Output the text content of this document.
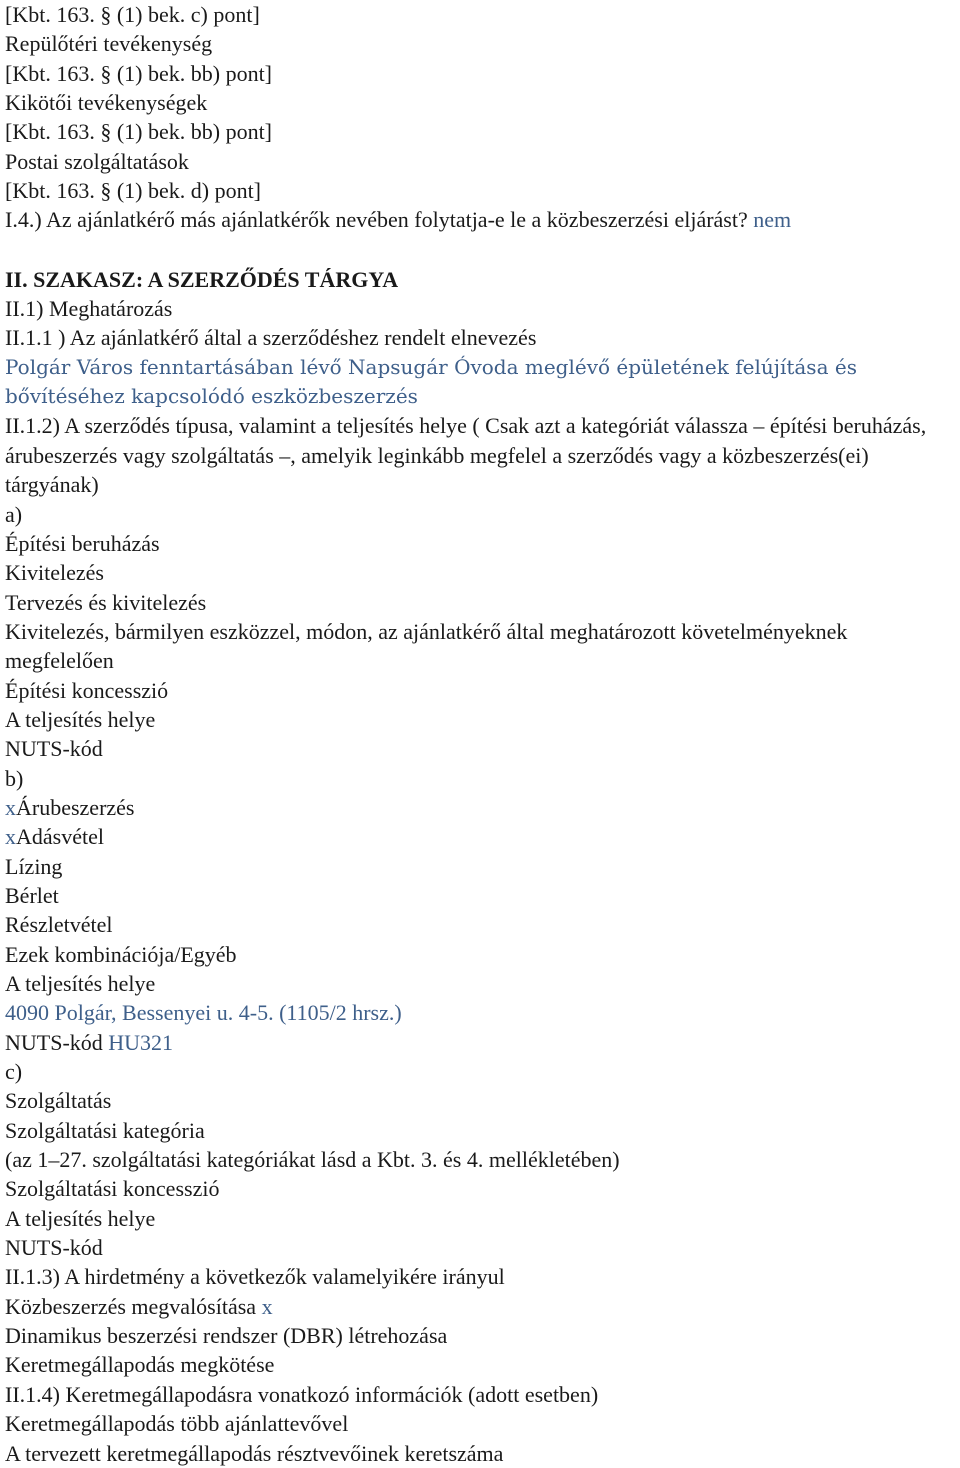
[Kbt. 163. § (1) bek. c) pont]
Repülőtéri tevékenység
[Kbt. 163. § (1) bek. bb) pont]
Kikötői tevékenységek
[Kbt. 163. § (1) bek. bb) pont]
Postai szolgáltatások
[Kbt. 163. § (1) bek. d) pont]
I.4.) Az ajánlatkérő más ajánlatkérők nevében folytatja-e le a közbeszerzési eljárást? nem
II. SZAKASZ: A SZERZŐDÉS TÁRGYA
II.1) Meghatározás
II.1.1 ) Az ajánlatkérő által a szerződéshez rendelt elnevezés
Polgár Város fenntartásában lévő Napsugár Óvoda meglévő épületének felújítása és bővítéséhez kapcsolódó eszközbeszerzés
II.1.2) A szerződés típusa, valamint a teljesítés helye ( Csak azt a kategóriát válassza – építési beruházás, árubeszerzés vagy szolgáltatás –, amelyik leginkább megfelel a szerződés vagy a közbeszerzés(ei) tárgyának)
a)
Építési beruházás
Kivitelezés
Tervezés és kivitelezés
Kivitelezés, bármilyen eszközzel, módon, az ajánlatkérő által meghatározott követelményeknek megfelelően
Építési koncesszió
A teljesítés helye
NUTS-kód
b)
xÁrubeszerzés
xAdásvétel
Lízing
Bérlet
Részletvétel
Ezek kombinációja/Egyéb
A teljesítés helye
4090 Polgár, Bessenyei u. 4-5. (1105/2 hrsz.)
NUTS-kód HU321
c)
Szolgáltatás
Szolgáltatási kategória
(az 1–27. szolgáltatási kategóriákat lásd a Kbt. 3. és 4. mellékletében)
Szolgáltatási koncesszió
A teljesítés helye
NUTS-kód
II.1.3) A hirdetmény a következők valamelyikére irányul
Közbeszerzés megvalósítása x
Dinamikus beszerzési rendszer (DBR) létrehozása
Keretmegállapodás megkötése
II.1.4) Keretmegállapodásra vonatkozó információk (adott esetben)
Keretmegállapodás több ajánlattevővel
A tervezett keretmegállapodás résztvevőinek keretszáma
